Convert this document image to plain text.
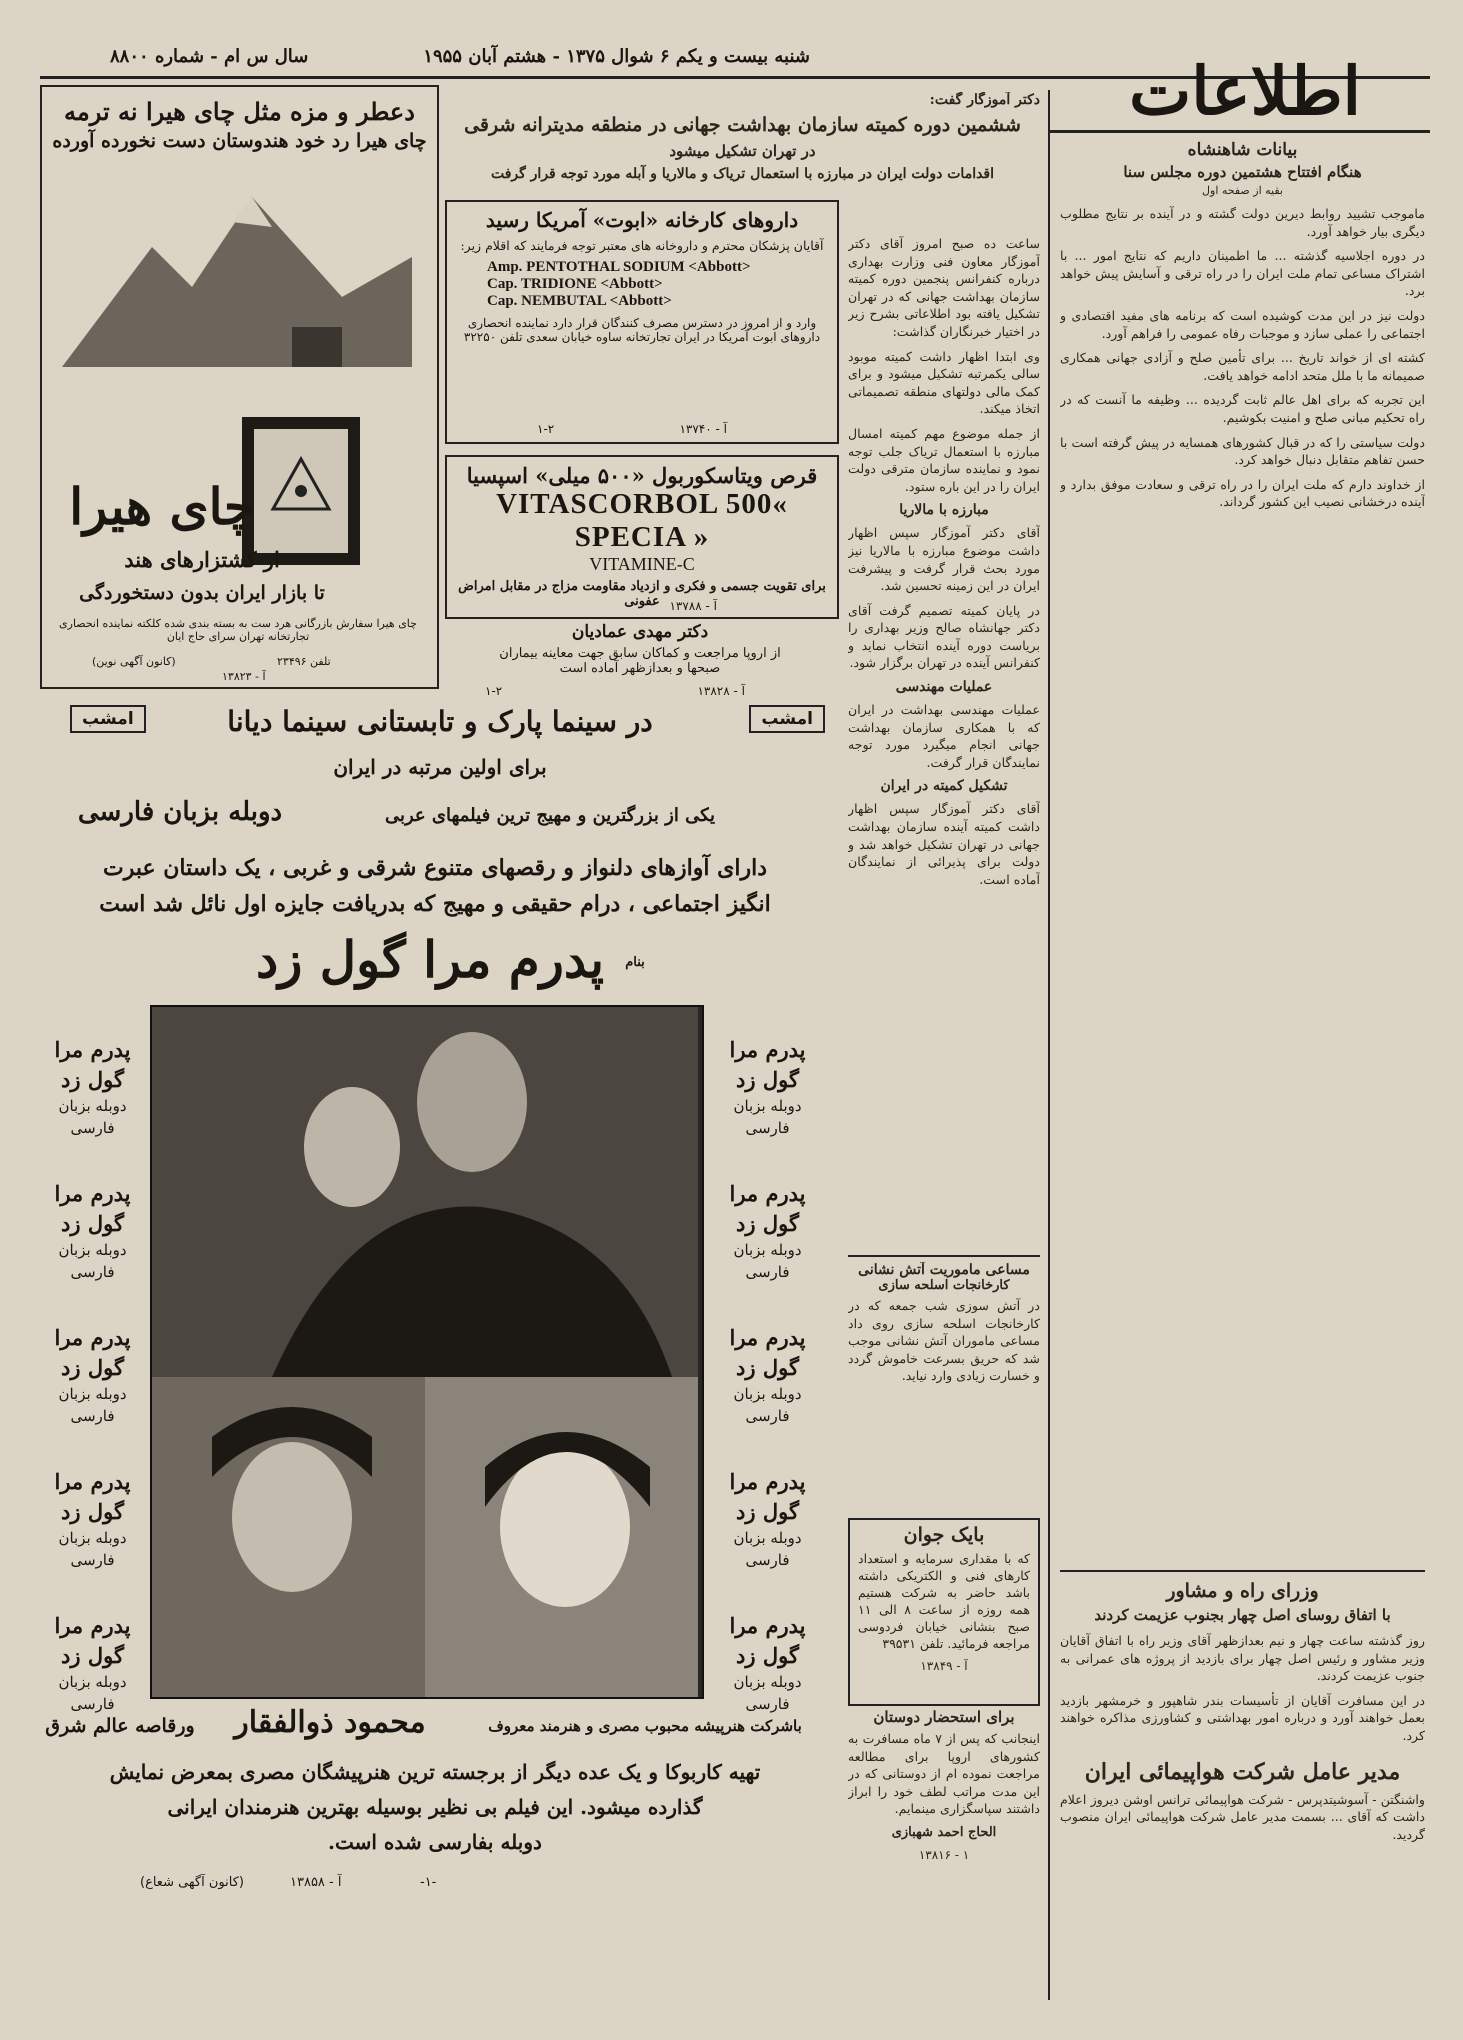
سال س ام - شماره ۸۸۰۰	شنبه بیست و یکم ۶ شوال ۱۳۷۵ - هشتم آبان ۱۹۵۵	اطلاعات
بیانات شاهنشاه
هنگام افتتاح هشتمین دوره مجلس سنا
بقیه از صفحه اول

ماموجب تشیید روابط دیرین دولت گشته و در آینده بر نتایج مطلوب دیگری بیار خواهد آورد.

در دوره اجلاسیه گذشته ... ما اطمینان داریم که نتایج امور ... با اشتراک مساعی تمام ملت ایران را در راه ترقی و آسایش پیش خواهد برد.

دولت نیز در این مدت کوشیده است که برنامه های مفید اقتصادی و اجتماعی را عملی سازد و موجبات رفاه عمومی را فراهم آورد.

کشته ای از خواند تاریخ ... برای تأمین صلح و آزادی جهانی همکاری صمیمانه ما با ملل متحد ادامه خواهد یافت.

این تجربه که برای اهل عالم ثابت گردیده ... وظیفه ما آنست که در راه تحکیم مبانی صلح و امنیت بکوشیم.

دولت سیاستی را که در قبال کشورهای همسایه در پیش گرفته است با حسن تفاهم متقابل دنبال خواهد کرد.

از خداوند دارم که ملت ایران را در راه ترقی و سعادت موفق بدارد و آینده درخشانی نصیب این کشور گرداند.

وزرای راه و مشاور
با اتفاق روسای اصل چهار بجنوب عزیمت کردند

روز گذشته ساعت چهار و نیم بعدازظهر آقای وزیر راه با اتفاق آقایان وزیر مشاور و رئیس اصل چهار برای بازدید از پروژه های عمرانی به جنوب عزیمت کردند.

در این مسافرت آقایان از تأسیسات بندر شاهپور و خرمشهر بازدید بعمل خواهند آورد و درباره امور بهداشتی و کشاورزی مذاکره خواهند کرد.

مدیر عامل شرکت هواپیمائی ایران

واشنگتن - آسوشیتدپرس - شرکت هواپیمائی ترانس اوشن دیروز اعلام داشت که آقای ... بسمت مدیر عامل شرکت هواپیمائی ایران منصوب گردید.

دکتر آموزگار گفت:
ششمین دوره کمیته سازمان بهداشت جهانی در منطقه مدیترانه شرقی
در تهران تشکیل میشود
اقدامات دولت ایران در مبارزه با استعمال تریاک و مالاریا و آبله مورد توجه قرار گرفت

ساعت ده صبح امروز آقای دکتر آموزگار معاون فنی وزارت بهداری درباره کنفرانس پنجمین دوره کمیته سازمان بهداشت جهانی که در تهران تشکیل یافته بود اطلاعاتی بشرح زیر در اختیار خبرنگاران گذاشت:

وی ابتدا اظهار داشت کمیته موبود سالی یکمرتبه تشکیل میشود و برای کمک مالی دولتهای منطقه تصمیماتی اتخاذ میکند.

از جمله موضوع مهم کمیته امسال مبارزه با استعمال تریاک جلب توجه نمود و نماینده سازمان مترقی دولت ایران را در این باره ستود.

مبارزه با مالاریا

آقای دکتر آموزگار سپس اظهار داشت موضوع مبارزه با مالاریا نیز مورد بحث قرار گرفت و پیشرفت ایران در این زمینه تحسین شد.

در پایان کمیته تصمیم گرفت آقای دکتر جهانشاه صالح وزیر بهداری را بریاست دوره آینده انتخاب نماید و کنفرانس آینده در تهران برگزار شود.

عملیات مهندسی

عملیات مهندسی بهداشت در ایران که با همکاری سازمان بهداشت جهانی انجام میگیرد مورد توجه نمایندگان قرار گرفت.

تشکیل کمیته در ایران

آقای دکتر آموزگار سپس اظهار داشت کمیته آینده سازمان بهداشت جهانی در تهران تشکیل خواهد شد و دولت برای پذیرائی از نمایندگان آماده است.

مساعی ماموریت آتش نشانی
کارخانجات اسلحه سازی

در آتش سوزی شب جمعه که در کارخانجات اسلحه سازی روی داد مساعی ماموران آتش نشانی موجب شد که حریق بسرعت خاموش گردد و خسارت زیادی وارد نیاید.

بایک جوان

که با مقداری سرمایه و استعداد کارهای فنی و الکتریکی داشته باشد حاضر به شرکت هستیم همه روزه از ساعت ۸ الی ۱۱ صبح بنشانی خیابان فردوسی مراجعه فرمائید. تلفن ۳۹۵۳۱

آ - ۱۳۸۴۹
برای استحضار دوستان

اینجانب که پس از ۷ ماه مسافرت به کشورهای اروپا برای مطالعه مراجعت نموده ام از دوستانی که در این مدت مراتب لطف خود را ابراز داشتند سپاسگزاری مینمایم.

الحاج احمد شهبازی
۱ - ۱۳۸۱۶
داروهای کارخانه «ابوت» آمریکا رسید
آقایان پزشکان محترم و داروخانه های معتبر توجه فرمایند که اقلام زیر:
Amp. PENTOTHAL SODIUM <Abbott>
Cap. TRIDIONE <Abbott>
Cap. NEMBUTAL <Abbott>
وارد و از امروز در دسترس مصرف کنندگان قرار دارد نماینده انحصاری داروهای ابوت آمریکا در ایران تجارتخانه ساوه خیابان سعدی تلفن ۳۲۲۵۰
۱-۲	آ - ۱۳۷۴۰
قرص ویتاسکوربول «۵۰۰ میلی» اسپسیا
VITASCORBOL 500« SPECIA »
VITAMINE-C
برای تقویت جسمی و فکری و ازدیاد مقاومت مزاج در مقابل امراض عفونی آ - ۱۳۷۸۸
دکتر مهدی عمادیان
از اروپا مراجعت و کماکان سابق جهت معاینه بیماران
صبحها و بعدازظهر آماده است
۱-۲	آ - ۱۳۸۲۸
دعطر و مزه مثل چای هیرا نه ترمه
چای هیرا رد خود هندوستان دست نخورده آورده
چای هیرا
از کشتزارهای هند
تا بازار ایران بدون دستخوردگی
چای هیرا سفارش بازرگانی هرد ست به بسته بندی شده کلکته نماینده انحصاری تجارتخانه تهران سرای حاج ایان
تلفن ۲۳۴۹۶
(کانون آگهی نوین)
آ - ۱۳۸۲۳
امشب	امشب
در سینما پارک و تابستانی سینما دیانا
برای اولین مرتبه در ایران
یکی از بزرگترین و مهیج ترین فیلمهای عربی
دوبله بزبان فارسی
دارای آوازهای دلنواز و رقصهای متنوع شرقی و غربی ، یک داستان عبرت
انگیز اجتماعی ، درام حقیقی و مهیج که بدریافت جایزه اول نائل شد است
بنام
پدرم مرا گول زد
پدرم مرا
گول زد
دوبله بزبان
فارسی
پدرم مرا
گول زد
دوبله بزبان
فارسی
پدرم مرا
گول زد
دوبله بزبان
فارسی
پدرم مرا
گول زد
دوبله بزبان
فارسی
پدرم مرا
گول زد
دوبله بزبان
فارسی
پدرم مرا
گول زد
دوبله بزبان
فارسی
پدرم مرا
گول زد
دوبله بزبان
فارسی
پدرم مرا
گول زد
دوبله بزبان
فارسی
پدرم مرا
گول زد
دوبله بزبان
فارسی
پدرم مرا
گول زد
دوبله بزبان
فارسی
ورقاصه عالم شرق	محمود ذوالفقار	باشرکت هنرپیشه محبوب مصری و هنرمند معروف
تهیه کاربوکا و یک عده دیگر از برجسته ترین هنرپیشگان مصری بمعرض نمایش
گذارده میشود. این فیلم بی نظیر بوسیله بهترین هنرمندان ایرانی
دوبله بفارسی شده است.
-۱-
آ - ۱۳۸۵۸
(کانون آگهی شعاع)
